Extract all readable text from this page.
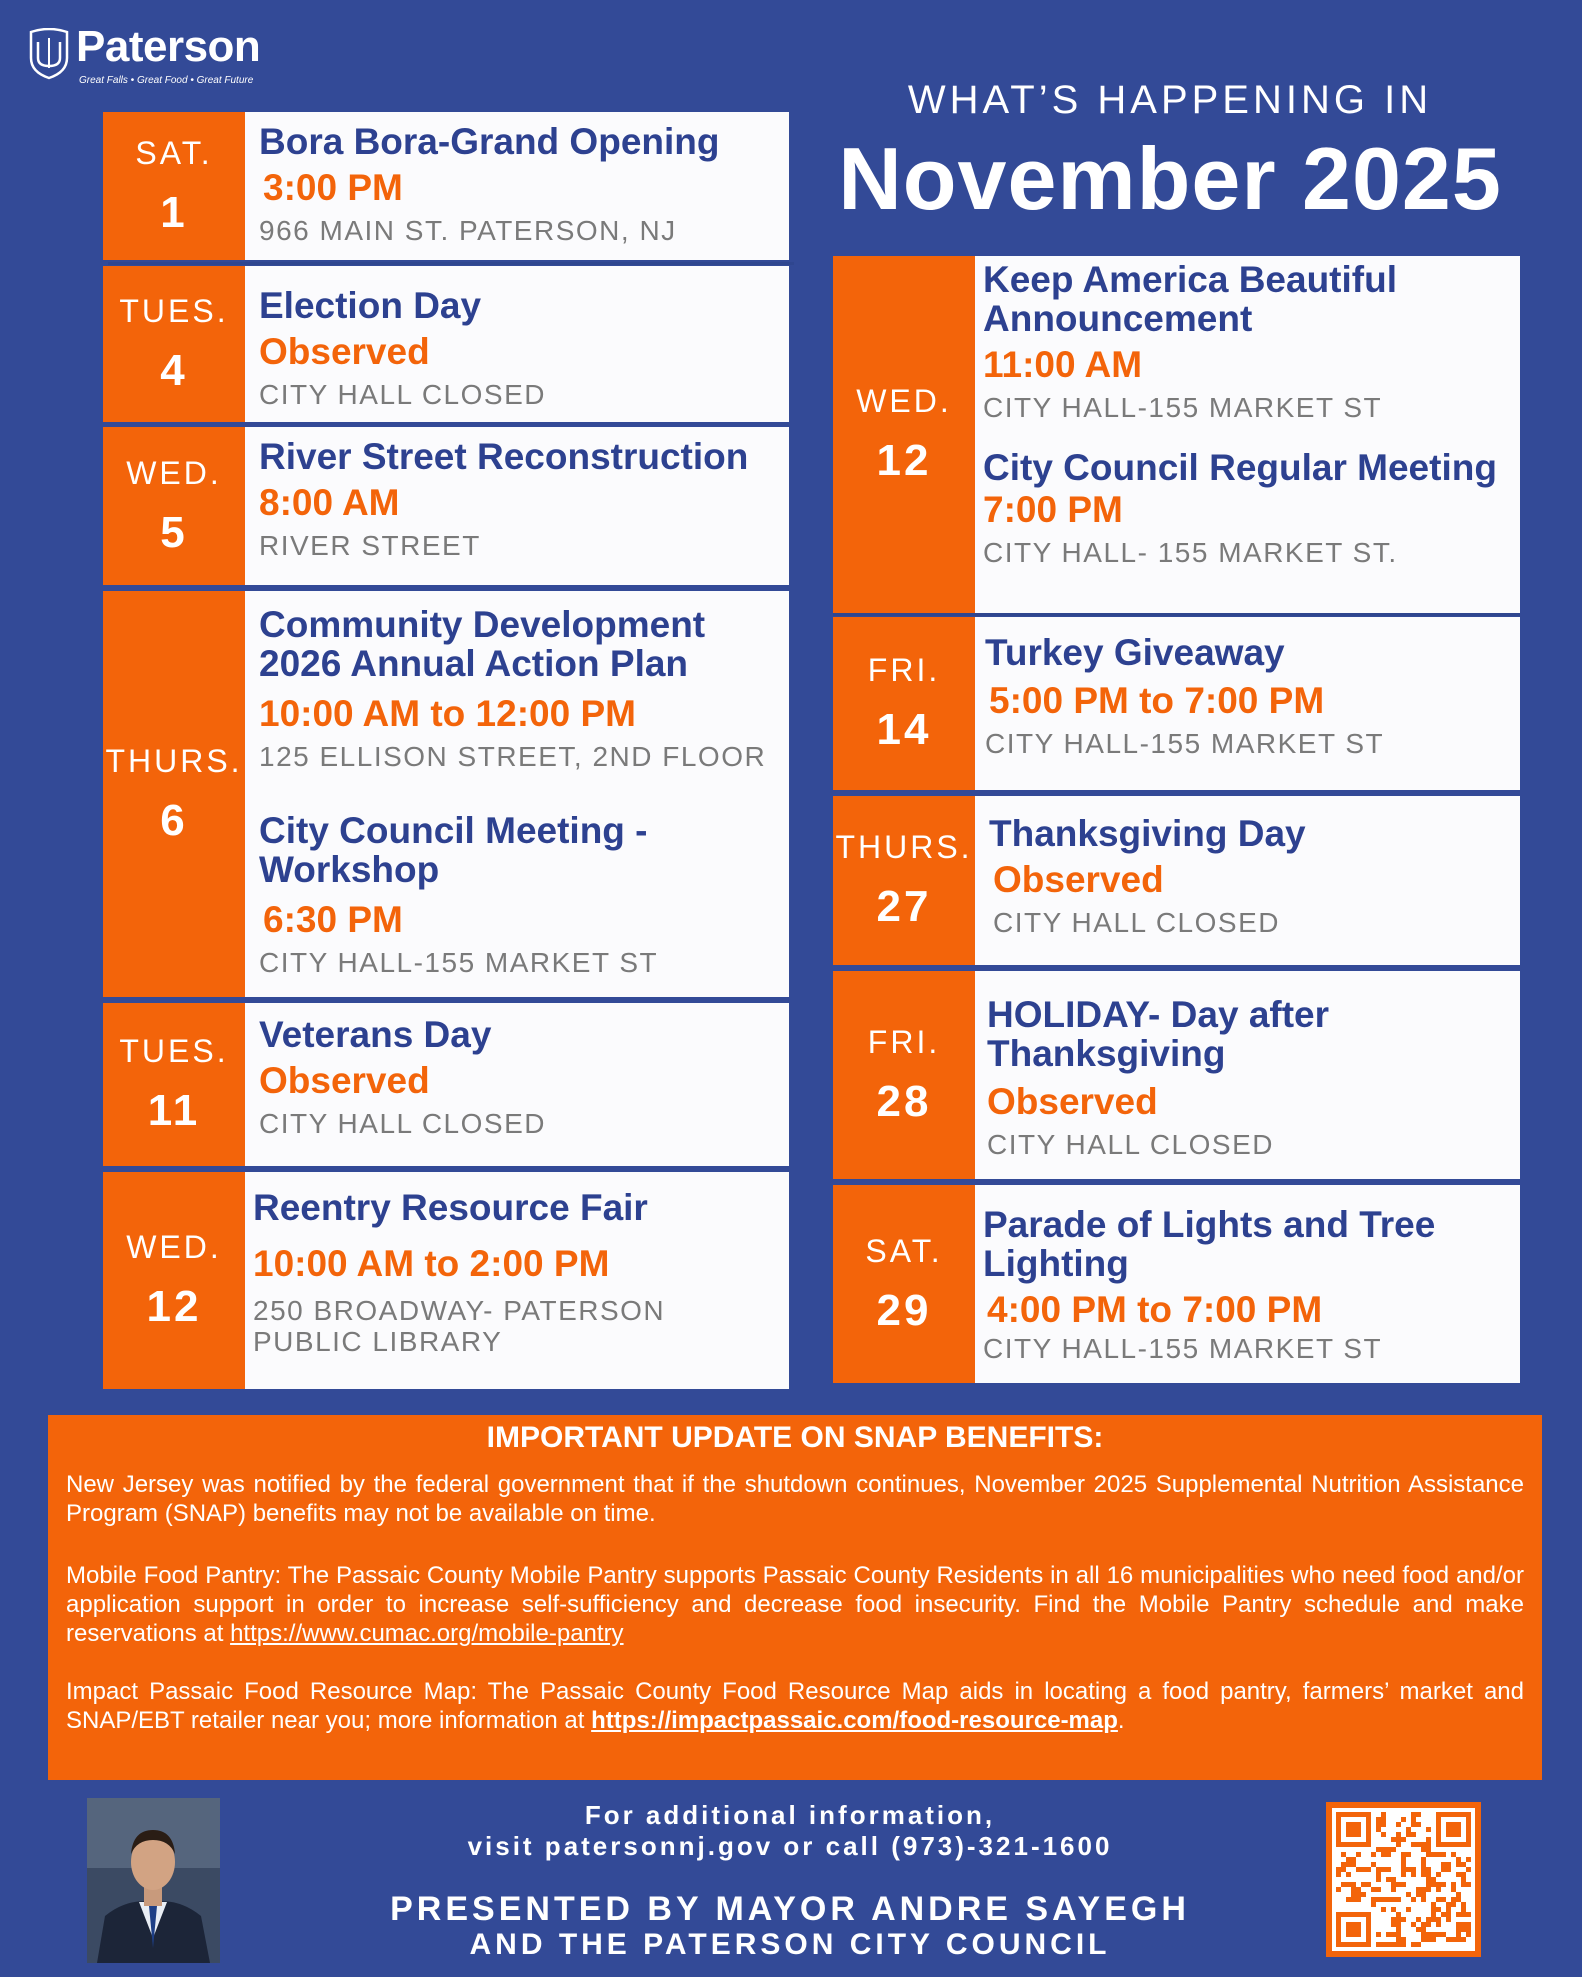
Paterson
Great Falls • Great Food • Great Future	WHAT’S HAPPENING IN
November 2025
SAT.
1
Bora Bora-Grand Opening
3:00 PM
966 MAIN ST. PATERSON, NJ
TUES.
4
Election Day
Observed
CITY HALL CLOSED
WED.
5
River Street Reconstruction
8:00 AM
RIVER STREET
THURS.
6
Community Development 2026 Annual Action Plan
10:00 AM to 12:00 PM
125 ELLISON STREET, 2ND FLOOR
City Council Meeting - Workshop
6:30 PM
CITY HALL-155 MARKET ST
TUES.
11
Veterans Day
Observed
CITY HALL CLOSED
WED.
12
Reentry Resource Fair
10:00 AM to 2:00 PM
250 BROADWAY- PATERSON PUBLIC LIBRARY
WED.
12
Keep America Beautiful Announcement
11:00 AM
CITY HALL-155 MARKET ST
City Council Regular Meeting
7:00 PM
CITY HALL- 155 MARKET ST.
FRI.
14
Turkey Giveaway
5:00 PM to 7:00 PM
CITY HALL-155 MARKET ST
THURS.
27
Thanksgiving Day
Observed
CITY HALL CLOSED
FRI.
28
HOLIDAY- Day after Thanksgiving
Observed
CITY HALL CLOSED
SAT.
29
Parade of Lights and Tree Lighting
4:00 PM to 7:00 PM
CITY HALL-155 MARKET ST
IMPORTANT UPDATE ON SNAP BENEFITS:
New Jersey was notified by the federal government that if the shutdown continues, November 2025 Supplemental Nutrition Assistance Program (SNAP) benefits may not be available on time.
Mobile Food Pantry: The Passaic County Mobile Pantry supports Passaic County Residents in all 16 municipalities who need food and/or application support in order to increase self-sufficiency and decrease food insecurity. Find the Mobile Pantry schedule and make reservations at https://www.cumac.org/mobile-pantry
Impact Passaic Food Resource Map: The Passaic County Food Resource Map aids in locating a food pantry, farmers’ market and SNAP/EBT retailer near you; more information at https://impactpassaic.com/food-resource-map.
For additional information,
visit patersonnj.gov or call (973)-321-1600
PRESENTED BY MAYOR ANDRE SAYEGH
AND THE PATERSON CITY COUNCIL
